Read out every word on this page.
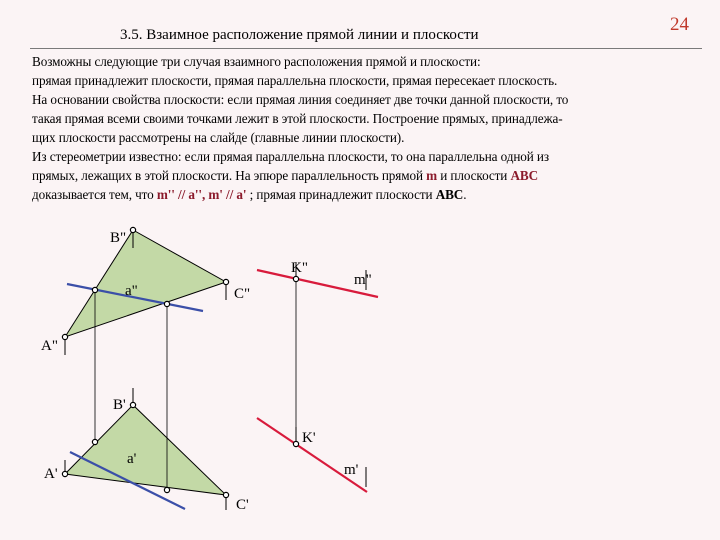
3.5. Взаимное расположение прямой линии и плоскости	24

Возможны следующие три случая взаимного расположения прямой и плоскости:

прямая принадлежит плоскости, прямая параллельна плоскости, прямая пересекает плоскость.

На основании свойства плоскости: если прямая линия соединяет две точки данной плоскости, то

такая прямая всеми своими точками лежит в этой плоскости. Построение прямых, принадлежа-

щих плоскости рассмотрены на слайде (главные линии плоскости).

Из стереометрии известно: если прямая параллельна плоскости, то она параллельна одной из

прямых, лежащих в этой плоскости. На эпюре параллельность прямой m и плоскости ABC

доказывается тем, что m'' // a'', m' // a' ; прямая принадлежит плоскости ABC.

B"
a"	C"
K"
m"
A"
B'
a'
K'
m'
A'
C'
